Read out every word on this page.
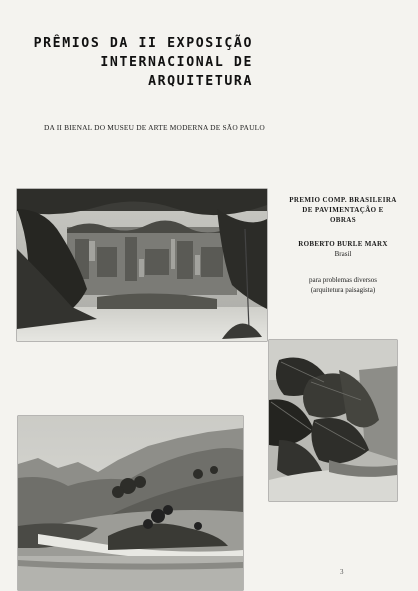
PRÊMIOS DA II EXPOSIÇÃO
INTERNACIONAL DE
ARQUITETURA
DA II BIENAL DO MUSEU DE ARTE MODERNA DE SÃO PAULO
PREMIO COMP. BRASILEIRA
DE PAVIMENTAÇÃO E OBRAS
ROBERTO BURLE MARX
Brasil
para problemas diversos
(arquitetura paisagista)
3
